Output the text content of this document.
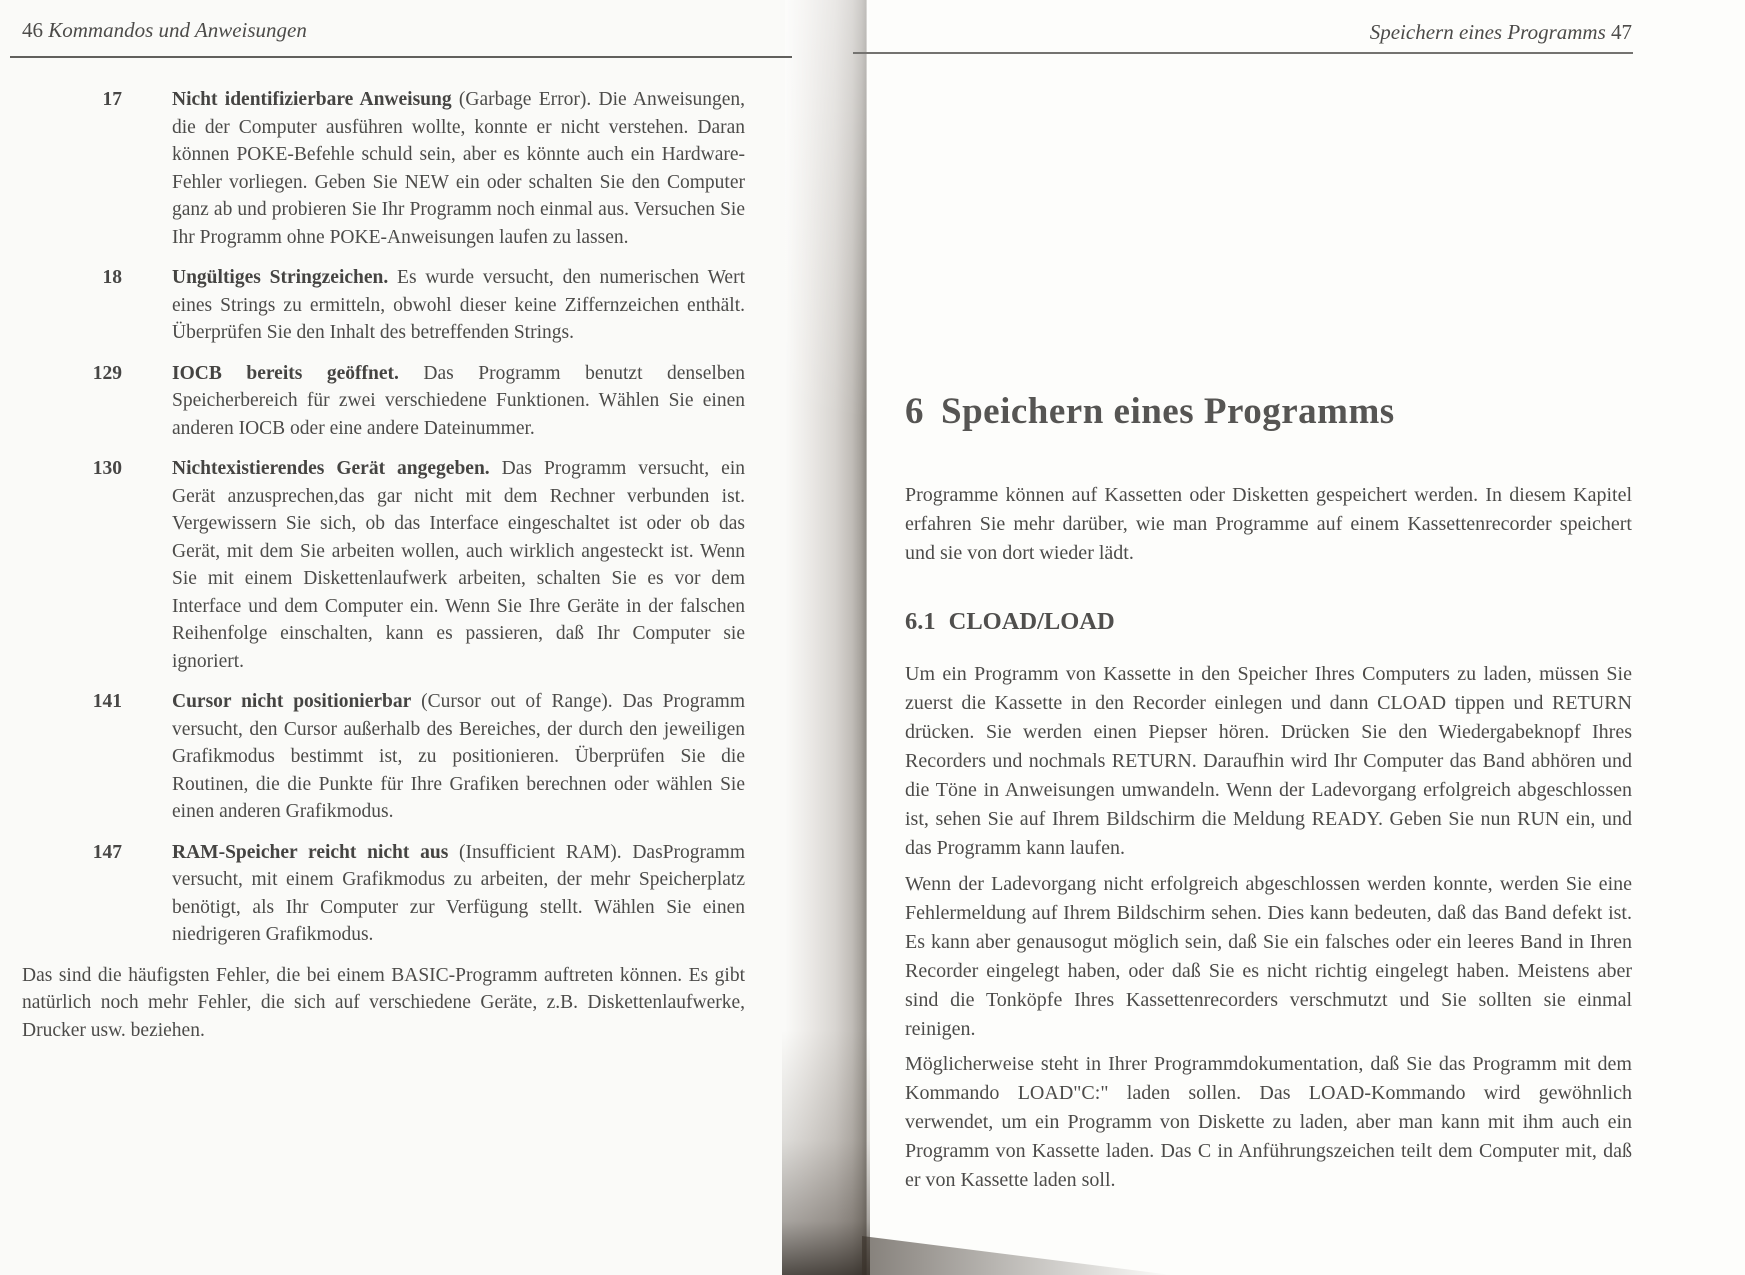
46 Kommandos und Anweisungen
17	Nicht identifizierbare Anweisung (Garbage Error). Die Anweisungen, die der Computer ausführen wollte, konnte er nicht verstehen. Daran können POKE-Befehle schuld sein, aber es könnte auch ein Hardware-Fehler vorliegen. Geben Sie NEW ein oder schalten Sie den Computer ganz ab und probieren Sie Ihr Programm noch einmal aus. Versuchen Sie Ihr Programm ohne POKE-Anweisungen laufen zu lassen.
18	Ungültiges Stringzeichen. Es wurde versucht, den numerischen Wert eines Strings zu ermitteln, obwohl dieser keine Ziffernzeichen enthält. Überprüfen Sie den Inhalt des betreffenden Strings.
129	IOCB bereits geöffnet. Das Programm benutzt denselben Speicherbereich für zwei verschiedene Funktionen. Wählen Sie einen anderen IOCB oder eine andere Dateinummer.
130	Nichtexistierendes Gerät angegeben. Das Programm versucht, ein Gerät anzusprechen,das gar nicht mit dem Rechner verbunden ist. Vergewissern Sie sich, ob das Interface eingeschaltet ist oder ob das Gerät, mit dem Sie arbeiten wollen, auch wirklich angesteckt ist. Wenn Sie mit einem Diskettenlaufwerk arbeiten, schalten Sie es vor dem Interface und dem Computer ein. Wenn Sie Ihre Geräte in der falschen Reihenfolge einschalten, kann es passieren, daß Ihr Computer sie ignoriert.
141	Cursor nicht positionierbar (Cursor out of Range). Das Programm versucht, den Cursor außerhalb des Bereiches, der durch den jeweiligen Grafikmodus bestimmt ist, zu positionieren. Überprüfen Sie die Routinen, die die Punkte für Ihre Grafiken berechnen oder wählen Sie einen anderen Grafikmodus.
147	RAM-Speicher reicht nicht aus (Insufficient RAM). DasProgramm versucht, mit einem Grafikmodus zu arbeiten, der mehr Speicherplatz benötigt, als Ihr Computer zur Verfügung stellt. Wählen Sie einen niedrigeren Grafikmodus.
Das sind die häufigsten Fehler, die bei einem BASIC-Programm auftreten können. Es gibt natürlich noch mehr Fehler, die sich auf verschiedene Geräte, z.B. Diskettenlaufwerke, Drucker usw. beziehen.
Speichern eines Programms 47
6 Speichern eines Programms
Programme können auf Kassetten oder Disketten gespeichert werden. In diesem Kapitel erfahren Sie mehr darüber, wie man Programme auf einem Kassettenrecorder speichert und sie von dort wieder lädt.
6.1 CLOAD/LOAD
Um ein Programm von Kassette in den Speicher Ihres Computers zu laden, müssen Sie zuerst die Kassette in den Recorder einlegen und dann CLOAD tippen und RETURN drücken. Sie werden einen Piepser hören. Drücken Sie den Wiedergabeknopf Ihres Recorders und nochmals RETURN. Daraufhin wird Ihr Computer das Band abhören und die Töne in Anweisungen umwandeln. Wenn der Ladevorgang erfolgreich abgeschlossen ist, sehen Sie auf Ihrem Bildschirm die Meldung READY. Geben Sie nun RUN ein, und das Programm kann laufen.
Wenn der Ladevorgang nicht erfolgreich abgeschlossen werden konnte, werden Sie eine Fehlermeldung auf Ihrem Bildschirm sehen. Dies kann bedeuten, daß das Band defekt ist. Es kann aber genausogut möglich sein, daß Sie ein falsches oder ein leeres Band in Ihren Recorder eingelegt haben, oder daß Sie es nicht richtig eingelegt haben. Meistens aber sind die Tonköpfe Ihres Kassettenrecorders verschmutzt und Sie sollten sie einmal reinigen.
Möglicherweise steht in Ihrer Programmdokumentation, daß Sie das Programm mit dem Kommando LOAD"C:" laden sollen. Das LOAD-Kommando wird gewöhnlich verwendet, um ein Programm von Diskette zu laden, aber man kann mit ihm auch ein Programm von Kassette laden. Das C in Anführungszeichen teilt dem Computer mit, daß er von Kassette laden soll.
